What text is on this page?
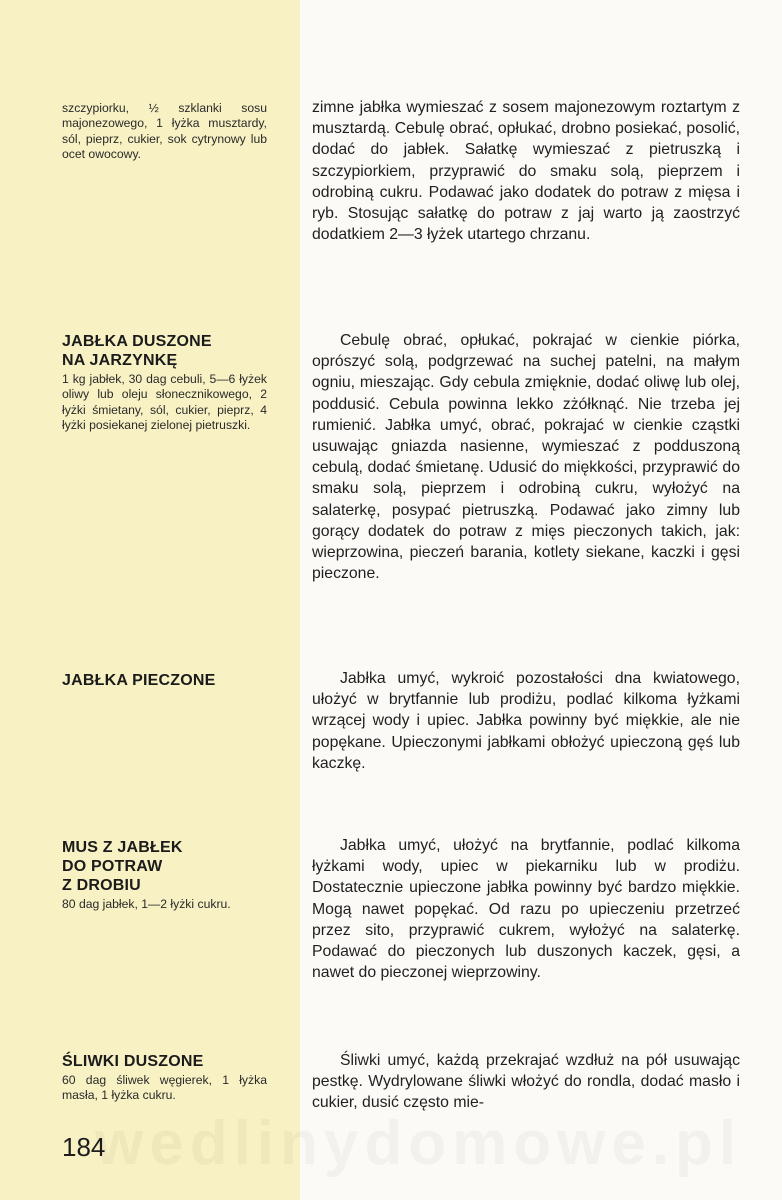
szczypiorku, ½ szklanki sosu majonezowego, 1 łyżka musztardy, sól, pieprz, cukier, sok cytrynowy lub ocet owocowy.

JABŁKA DUSZONE
NA JARZYNKĘ

1 kg jabłek, 30 dag cebuli, 5—6 łyżek oliwy lub oleju słonecznikowego, 2 łyżki śmietany, sól, cukier, pieprz, 4 łyżki posiekanej zielonej pietruszki.

JABŁKA PIECZONE
MUS Z JABŁEK
DO POTRAW
Z DROBIU

80 dag jabłek, 1—2 łyżki cukru.

ŚLIWKI DUSZONE

60 dag śliwek węgierek, 1 łyżka masła, 1 łyżka cukru.

184

zimne jabłka wymieszać z sosem majonezowym roztartym z musztardą. Cebulę obrać, opłukać, drobno posiekać, posolić, dodać do jabłek. Sałatkę wymieszać z pietruszką i szczypiorkiem, przyprawić do smaku solą, pieprzem i odrobiną cukru. Podawać jako dodatek do potraw z mięsa i ryb. Stosując sałatkę do potraw z jaj warto ją zaostrzyć dodatkiem 2—3 łyżek utartego chrzanu.

Cebulę obrać, opłukać, pokrajać w cienkie piórka, oprószyć solą, podgrzewać na suchej patelni, na małym ogniu, mieszając. Gdy cebula zmięknie, dodać oliwę lub olej, poddusić. Cebula powinna lekko zżółknąć. Nie trzeba jej rumienić. Jabłka umyć, obrać, pokrajać w cienkie cząstki usuwając gniazda nasienne, wymieszać z podduszoną cebulą, dodać śmietanę. Udusić do miękkości, przyprawić do smaku solą, pieprzem i odrobiną cukru, wyłożyć na salaterkę, posypać pietruszką. Podawać jako zimny lub gorący dodatek do potraw z mięs pieczonych takich, jak: wieprzowina, pieczeń barania, kotlety siekane, kaczki i gęsi pieczone.

Jabłka umyć, wykroić pozostałości dna kwiatowego, ułożyć w brytfannie lub prodiżu, podlać kilkoma łyżkami wrzącej wody i upiec. Jabłka powinny być miękkie, ale nie popękane. Upieczonymi jabłkami obłożyć upieczoną gęś lub kaczkę.

Jabłka umyć, ułożyć na brytfannie, podlać kilkoma łyżkami wody, upiec w piekarniku lub w prodiżu. Dostatecznie upieczone jabłka powinny być bardzo miękkie. Mogą nawet popękać. Od razu po upieczeniu przetrzeć przez sito, przyprawić cukrem, wyłożyć na salaterkę. Podawać do pieczonych lub duszonych kaczek, gęsi, a nawet do pieczonej wieprzowiny.

Śliwki umyć, każdą przekrajać wzdłuż na pół usuwając pestkę. Wydrylowane śliwki włożyć do rondla, dodać masło i cukier, dusić często mie-
